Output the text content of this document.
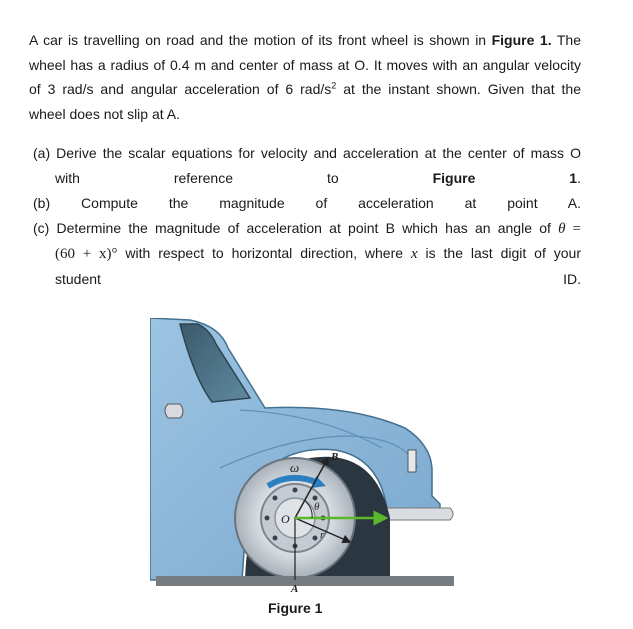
A car is travelling on road and the motion of its front wheel is shown in Figure 1. The
wheel has a radius of 0.4 m and center of mass at O. It moves with an angular velocity
of 3 rad/s and angular acceleration of 6 rad/$s^2$ at the instant shown. Given that the
wheel does not slip at A.
(a) Derive the scalar equations for velocity and acceleration at the center of mass O
with reference to Figure 1.
(b) Compute the magnitude of acceleration at point A.
(c) Determine the magnitude of acceleration at point B which has an angle of θ =
(60 + x)° with respect to horizontal direction, where x is the last digit of your
student ID.
ω
B
O
θ
r
A
Figure 1
